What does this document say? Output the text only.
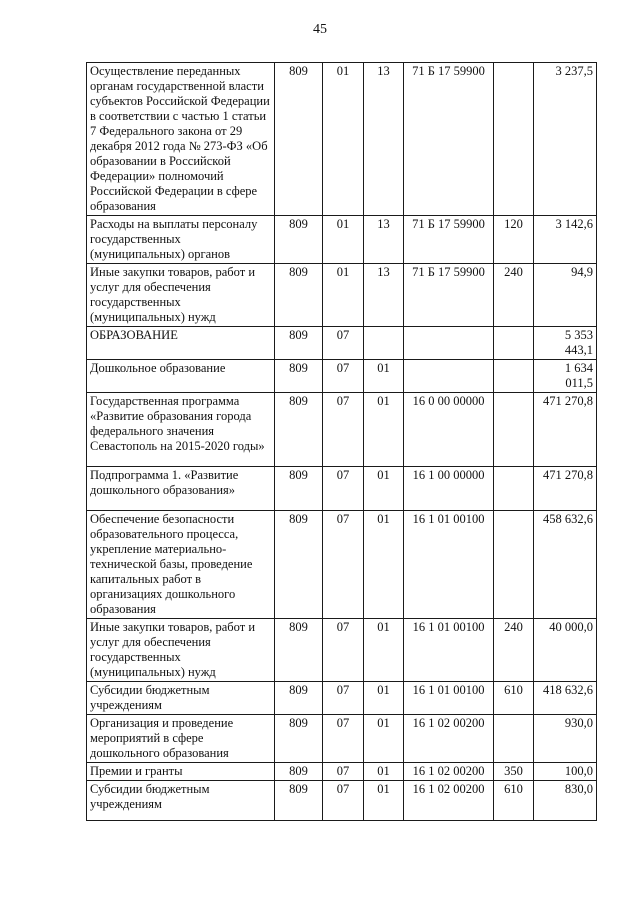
45
Осуществление переданных органам государственной власти субъектов Российской Федерации в соответствии с частью 1 статьи 7 Федерального закона от 29 декабря 2012 года № 273-ФЗ «Об образовании в Российской Федерации» полномочий Российской Федерации в сфере образования	809	01	13	71 Б 17 59900		3 237,5
Расходы на выплаты персоналу государственных (муниципальных) органов	809	01	13	71 Б 17 59900	120	3 142,6
Иные закупки товаров, работ и услуг для обеспечения государственных (муниципальных) нужд	809	01	13	71 Б 17 59900	240	94,9
ОБРАЗОВАНИЕ	809	07				5 353 443,1
Дошкольное образование	809	07	01			1 634 011,5
Государственная программа «Развитие образования города федерального значения Севастополь на 2015-2020 годы»	809	07	01	16 0 00 00000		471 270,8
Подпрограмма 1. «Развитие дошкольного образования»	809	07	01	16 1 00 00000		471 270,8
Обеспечение безопасности образовательного процесса, укрепление материально-технической базы, проведение капитальных работ в организациях дошкольного образования	809	07	01	16 1 01 00100		458 632,6
Иные закупки товаров, работ и услуг для обеспечения государственных (муниципальных) нужд	809	07	01	16 1 01 00100	240	40 000,0
Субсидии бюджетным учреждениям	809	07	01	16 1 01 00100	610	418 632,6
Организация и проведение мероприятий в сфере дошкольного образования	809	07	01	16 1 02 00200		930,0
Премии и гранты	809	07	01	16 1 02 00200	350	100,0
Субсидии бюджетным учреждениям	809	07	01	16 1 02 00200	610	830,0
